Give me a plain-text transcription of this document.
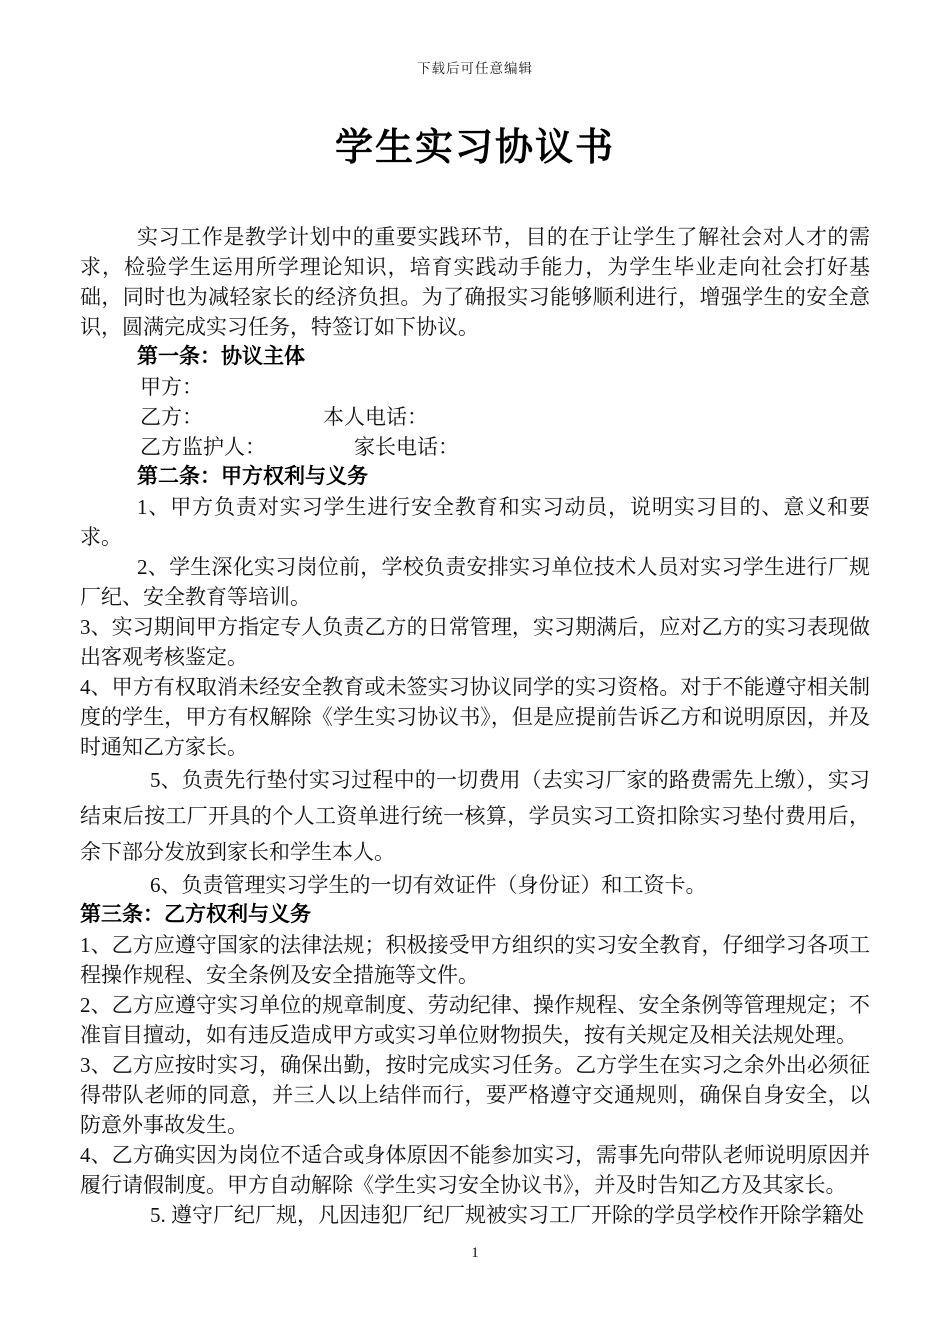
下载后可任意编辑
学生实习协议书

实习工作是教学计划中的重要实践环节，目的在于让学生了解社会对人才的需求，检验学生运用所学理论知识，培育实践动手能力，为学生毕业走向社会打好基础，同时也为减轻家长的经济负担。为了确报实习能够顺利进行，增强学生的安全意识，圆满完成实习任务，特签订如下协议。

第一条：协议主体

甲方：

乙方：	本人电话：

乙方监护人：	家长电话：

第二条：甲方权利与义务

1、甲方负责对实习学生进行安全教育和实习动员，说明实习目的、意义和要求。

2、学生深化实习岗位前，学校负责安排实习单位技术人员对实习学生进行厂规厂纪、安全教育等培训。

3、实习期间甲方指定专人负责乙方的日常管理，实习期满后，应对乙方的实习表现做出客观考核鉴定。

4、甲方有权取消未经安全教育或未签实习协议同学的实习资格。对于不能遵守相关制度的学生，甲方有权解除《学生实习协议书》，但是应提前告诉乙方和说明原因，并及时通知乙方家长。

5、负责先行垫付实习过程中的一切费用（去实习厂家的路费需先上缴），实习结束后按工厂开具的个人工资单进行统一核算，学员实习工资扣除实习垫付费用后，余下部分发放到家长和学生本人。

6、负责管理实习学生的一切有效证件（身份证）和工资卡。

第三条：乙方权利与义务

1、乙方应遵守国家的法律法规；积极接受甲方组织的实习安全教育，仔细学习各项工程操作规程、安全条例及安全措施等文件。

2、乙方应遵守实习单位的规章制度、劳动纪律、操作规程、安全条例等管理规定；不准盲目擅动，如有违反造成甲方或实习单位财物损失，按有关规定及相关法规处理。

3、乙方应按时实习，确保出勤，按时完成实习任务。乙方学生在实习之余外出必须征得带队老师的同意，并三人以上结伴而行，要严格遵守交通规则，确保自身安全，以防意外事故发生。

4、乙方确实因为岗位不适合或身体原因不能参加实习，需事先向带队老师说明原因并履行请假制度。甲方自动解除《学生实习安全协议书》，并及时告知乙方及其家长。

5. 遵守厂纪厂规，凡因违犯厂纪厂规被实习工厂开除的学员学校作开除学籍处

1
